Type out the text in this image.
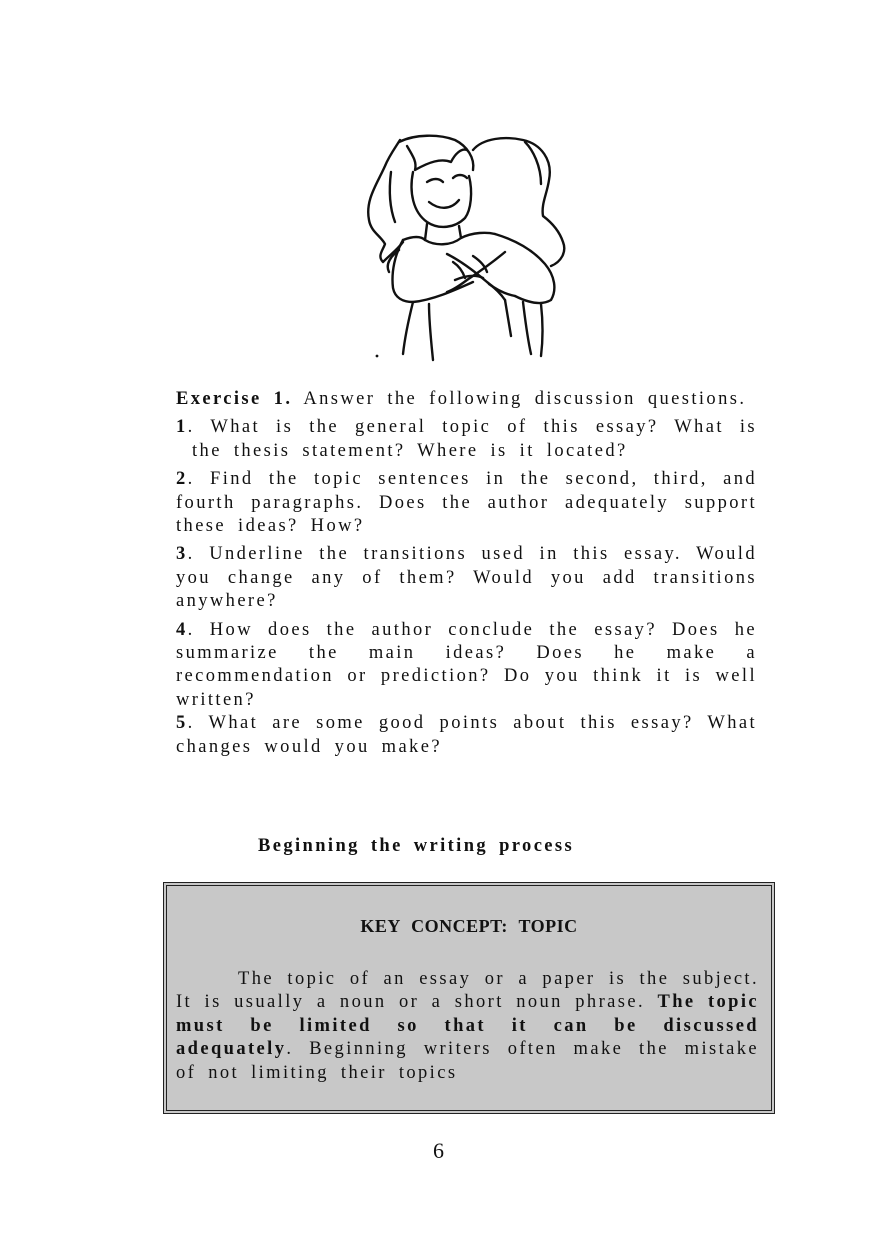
Exercise 1. Answer the following discussion questions.

1. What is the general topic of this essay? What is the thesis statement? Where is it located?

2. Find the topic sentences in the second, third, and fourth paragraphs. Does the author adequately support these ideas? How?

3. Underline the transitions used in this essay. Would you change any of them? Would you add transitions anywhere?

4. How does the author conclude the essay? Does he summarize the main ideas? Does he make a recommendation or prediction? Do you think it is well written?

5. What are some good points about this essay? What changes would you make?

Beginning the writing process
KEY CONCEPT: TOPIC

The topic of an essay or a paper is the subject. It is usually a noun or a short noun phrase. The topic must be limited so that it can be discussed adequately. Beginning writers often make the mistake of not limiting their topics

6
